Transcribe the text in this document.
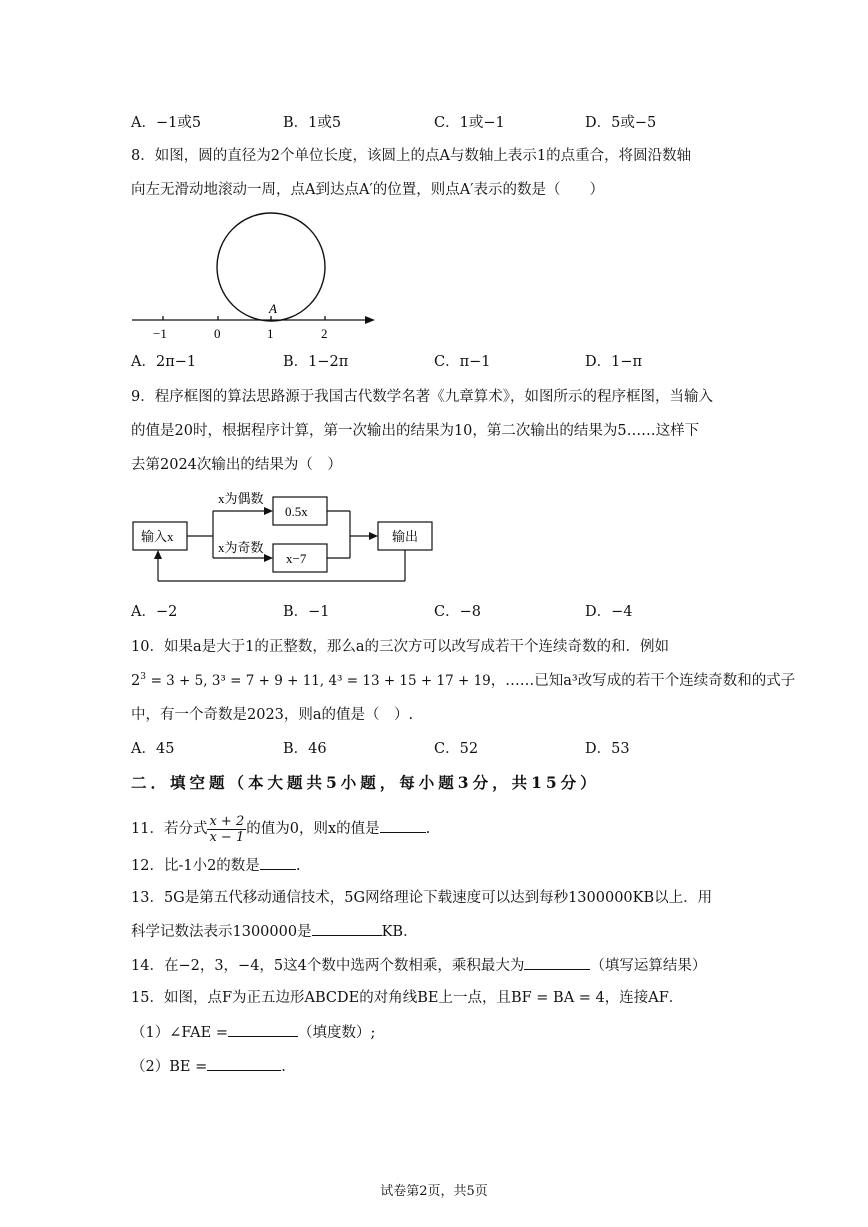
A．−1或5	B．1或5	C．1或−1	D．5或−5
8．如图，圆的直径为2个单位长度，该圆上的点A与数轴上表示1的点重合，将圆沿数轴
向左无滑动地滚动一周，点A到达点A′的位置，则点A′表示的数是（　　）
A
−1	0	1	2
A．2π−1	B．1−2π	C．π−1	D．1−π
9．程序框图的算法思路源于我国古代数学名著《九章算术》，如图所示的程序框图，当输入
的值是20时，根据程序计算，第一次输出的结果为10，第二次输出的结果为5……这样下
去第2024次输出的结果为（　）
输入x
x为偶数
x为奇数
0.5x
x−7
输出
A．−2	B．−1	C．−8	D．−4
10．如果a是大于1的正整数，那么a的三次方可以改写成若干个连续奇数的和．例如
$2^3 = 3 + 5$, 3³ = 7 + 9 + 11, 4³ = 13 + 15 + 17 + 19，……已知a³改写成的若干个连续奇数和的式子
中，有一个奇数是2023，则a的值是（　）.
A．45	B．46	C．52	D．53
二．填空题（本大题共5小题，每小题3分，共15分）
11．若分式 $\frac{x + 2}{x - 1}$ 的值为0，则x的值是	.
12．比-1小2的数是 .
13．5G是第五代移动通信技术，5G网络理论下载速度可以达到每秒1300000KB以上．用
科学记数法表示1300000是	KB．
14．在−2，3，−4，5这4个数中选两个数相乘，乘积最大为	（填写运算结果）
15．如图，点F为正五边形ABCDE的对角线BE上一点，且BF = BA = 4，连接AF．
（1）∠FAE =	（填度数）;
（2）BE =	.
试卷第2页，共5页
